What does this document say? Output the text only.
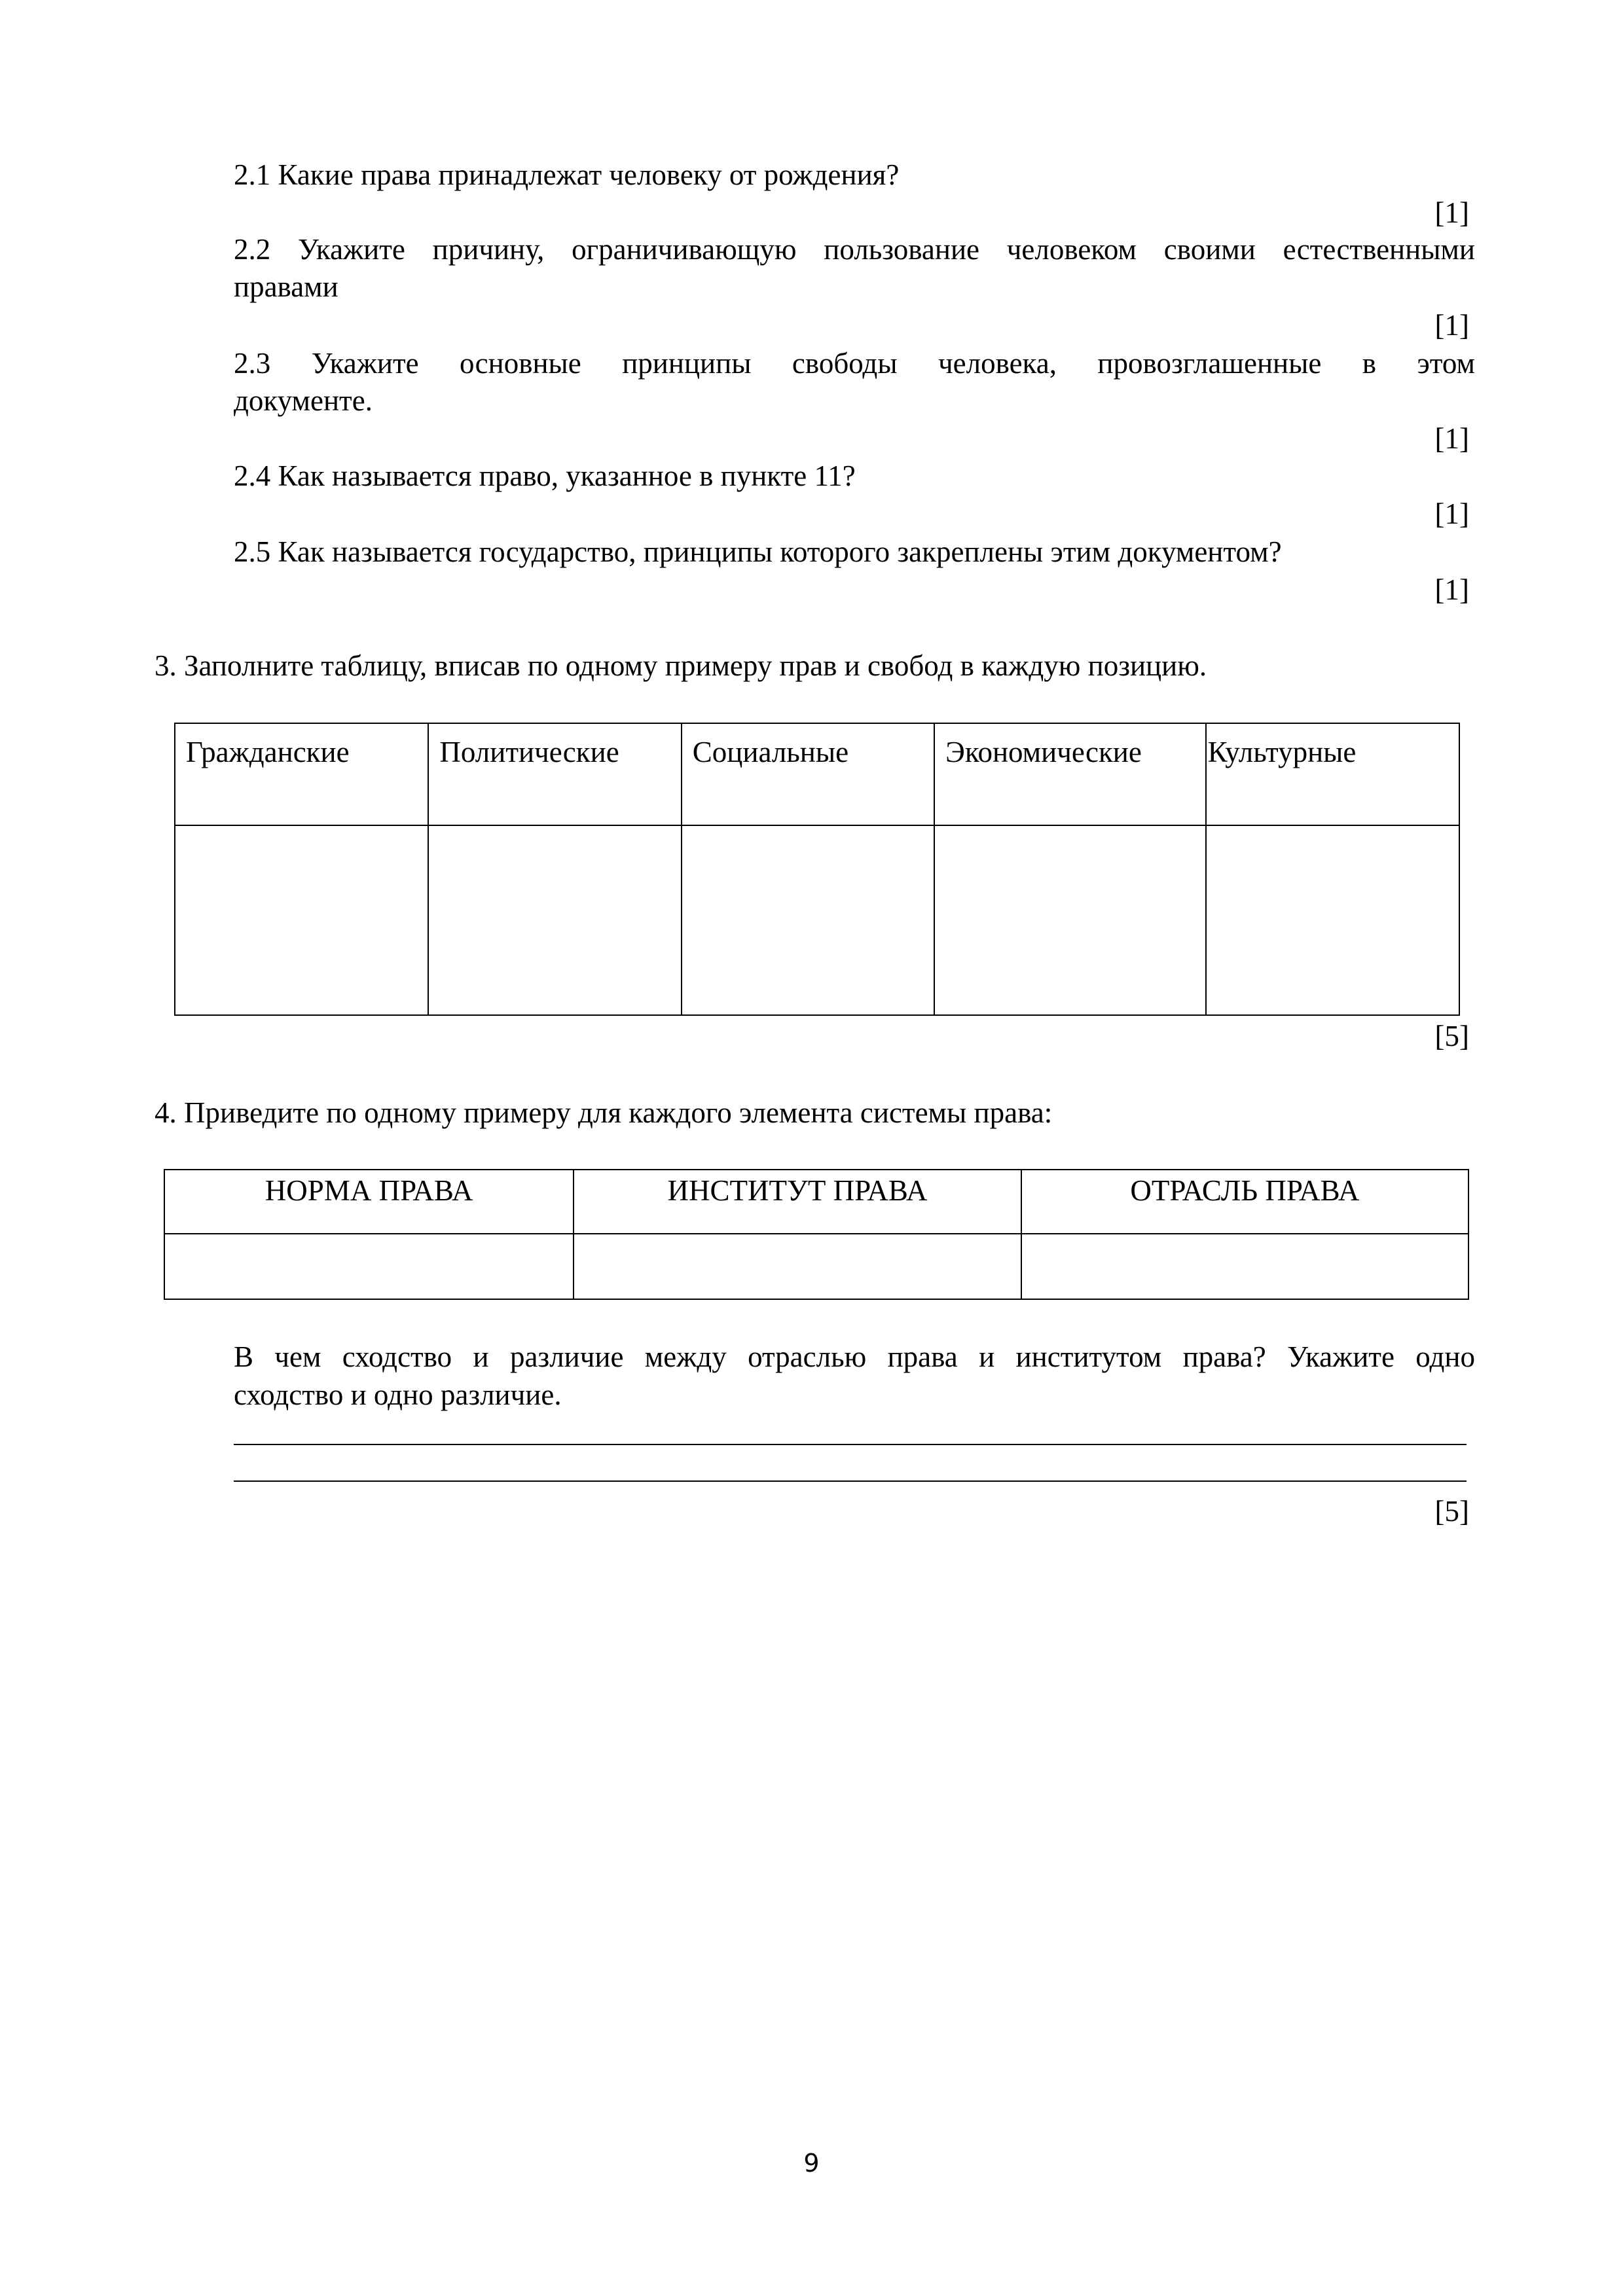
2.1 Какие права принадлежат человеку от рождения?
[1]
2.2 Укажите причину, ограничивающую пользование человеком своими естественными
правами
[1]
2.3 Укажите основные принципы свободы человека, провозглашенные в этом
документе.
[1]
2.4 Как называется право, указанное в пункте 11?
[1]
2.5 Как называется государство, принципы которого закреплены этим документом?
[1]
3. Заполните таблицу, вписав по одному примеру прав и свобод в каждую позицию.
Гражданские	Политические	Социальные	Экономические	Культурные

[5]
4. Приведите по одному примеру для каждого элемента системы права:
НОРМА ПРАВА	ИНСТИТУТ ПРАВА	ОТРАСЛЬ ПРАВА

В чем сходство и различие между отраслью права и институтом права? Укажите одно
сходство и одно различие.
[5]
9
